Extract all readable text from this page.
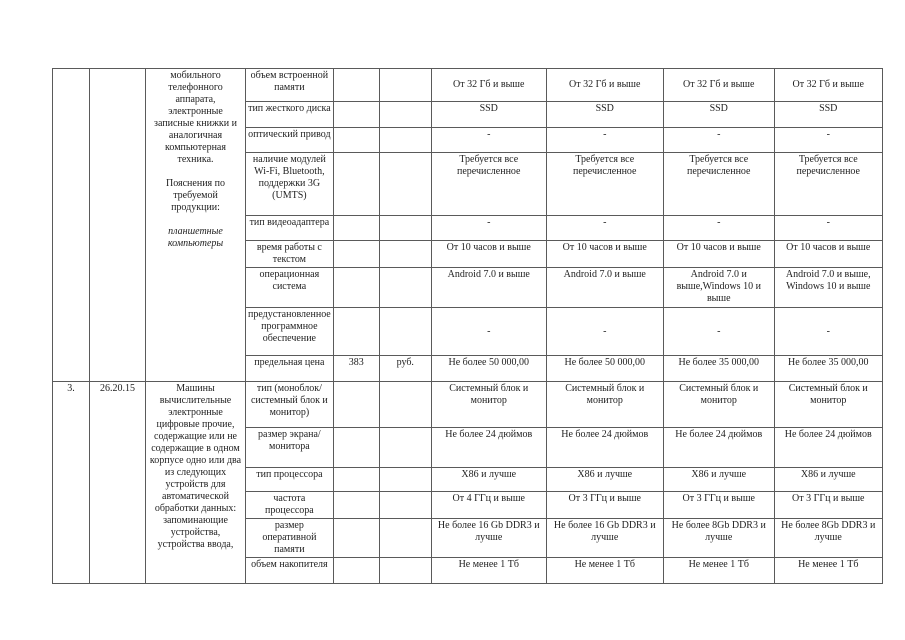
		мобильного телефонного аппарата, электронные записные книжки и аналогичная компьютерная техника.
Пояснения по требуемой продукции:
планшетные компьютеры	объем встроенной памяти			От 32 Гб и выше	От 32 Гб и выше	От 32 Гб и выше	От 32 Гб и выше
			тип жесткого диска			SSD	SSD	SSD	SSD
			оптический привод			-	-	-	-
			наличие модулей Wi-Fi, Bluetooth, поддержки 3G (UMTS)			Требуется все перечисленное	Требуется все перечисленное	Требуется все перечисленное	Требуется все перечисленное
			тип видеоадаптера			-	-	-	-
			время работы с текстом			От 10 часов и выше	От 10 часов и выше	От 10 часов и выше	От 10 часов и выше
			операционная система			Android 7.0 и выше	Android 7.0 и выше	Android 7.0 и выше,Windows 10 и выше	Android 7.0 и выше, Windows 10 и выше
			предустановленное программное обеспечение			-	-	-	-
			предельная цена	383	руб.	Не более 50 000,00	Не более 50 000,00	Не более 35 000,00	Не более 35 000,00
3.	26.20.15	Машины вычислительные электронные цифровые прочие, содержащие или не содержащие в одном корпусе одно или два из следующих устройств для автоматической обработки данных: запоминающие устройства, устройства ввода,	тип (моноблок/системный блок и монитор)			Системный блок и монитор	Системный блок и монитор	Системный блок и монитор	Системный блок и монитор
			размер экрана/монитора			Не более 24 дюймов	Не более 24 дюймов	Не более 24 дюймов	Не более 24 дюймов
			тип процессора			X86 и лучше	X86 и лучше	X86 и лучше	X86 и лучше
			частота процессора			От 4 ГГц и выше	От 3 ГГц и выше	От 3 ГГц и выше	От 3 ГГц и выше
			размер оперативной памяти			Не более 16 Gb DDR3 и лучше	Не более 16 Gb DDR3 и лучше	Не более 8Gb DDR3 и лучше	Не более 8Gb DDR3 и лучше
			объем накопителя			Не менее 1 Тб	Не менее 1 Тб	Не менее 1 Тб	Не менее 1 Тб
